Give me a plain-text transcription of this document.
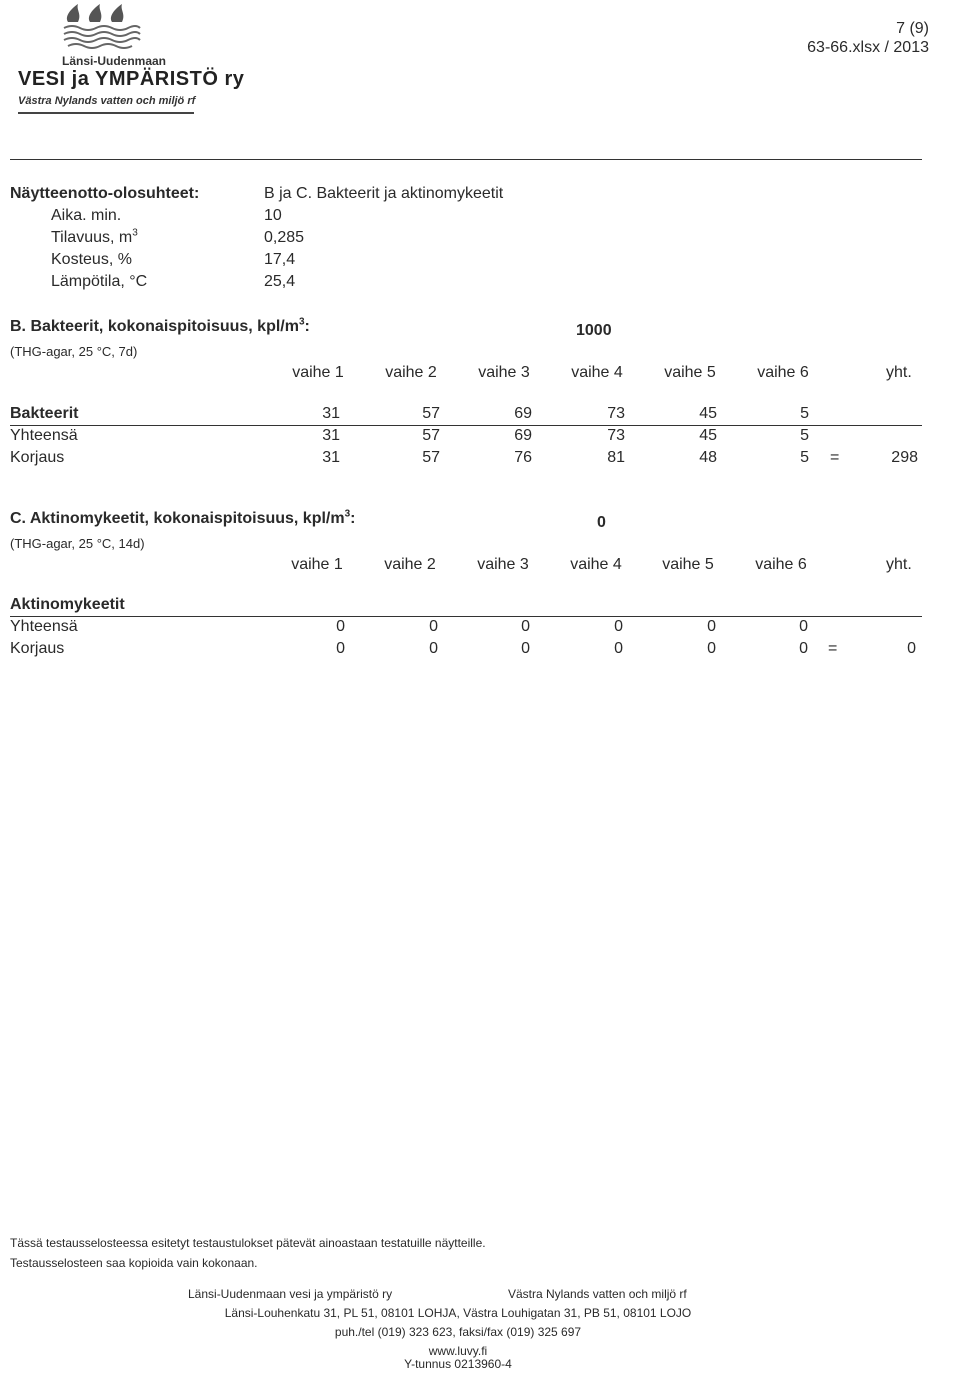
Länsi-Uudenmaan
VESI ja YMPÄRISTÖ ry
Västra Nylands vatten och miljö rf
7 (9)
63-66.xlsx / 2013
Näytteenotto-olosuhteet:	B ja C. Bakteerit ja aktinomykeetit
Aika. min.	10
Tilavuus, $m^3$	0,285
Kosteus, %	17,4
Lämpötila, °C	25,4
B. Bakteerit, kokonaispitoisuus, kpl/$m^3$:	1000
(THG-agar, 25 °C, 7d)
vaihe 1	vaihe 2	vaihe 3	vaihe 4	vaihe 5	vaihe 6	yht.
Bakteerit	31	57	69	73	45	5
Yhteensä	31	57	69	73	45	5
Korjaus	31	57	76	81	48	5 =	298
C. Aktinomykeetit, kokonaispitoisuus, kpl/$m^3$:	0
(THG-agar, 25 °C, 14d)
vaihe 1	vaihe 2	vaihe 3	vaihe 4	vaihe 5	vaihe 6	yht.
Aktinomykeetit
Yhteensä	0	0	0	0	0	0
Korjaus	0	0	0	0	0	0 =	0
Tässä testausselosteessa esitetyt testaustulokset pätevät ainoastaan testatuille näytteille.
Testausselosteen saa kopioida vain kokonaan.
Länsi-Uudenmaan vesi ja ympäristö ry	Västra Nylands vatten och miljö rf
Länsi-Louhenkatu 31, PL 51, 08101 LOHJA, Västra Louhigatan 31, PB 51, 08101 LOJO
puh./tel (019) 323 623, faksi/fax (019) 325 697
www.luvy.fi
Y-tunnus 0213960-4
